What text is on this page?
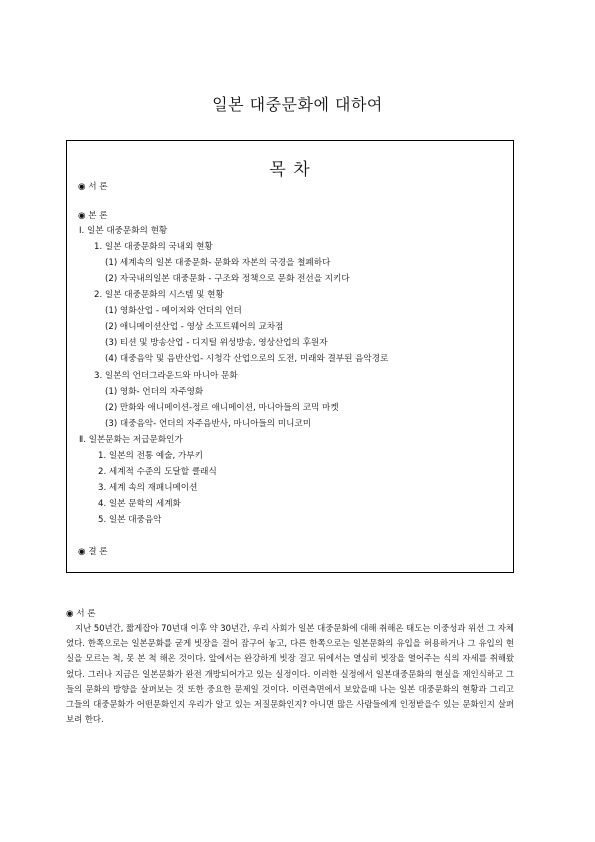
일본 대중문화에 대하여
목 차
◉ 서 론
◉ 본 론
Ⅰ. 일본 대중문화의 현황
1. 일본 대중문화의 국내외 현황
(1) 세계속의 일본 대중문화- 문화와 자본의 국경을 철폐하다
(2) 자국내의일본 대중문화 - 구조와 정책으로 문화 전선을 지키다
2. 일본 대중문화의 시스템 및 현황
(1) 영화산업 - 메이저와 언더의 언더
(2) 애니메이션산업 - 영상 소프트웨어의 교차점
(3) 티션 및 방송산업 - 디지털 위성방송, 영상산업의 후원자
(4) 대중음악 및 음반산업- 시청각 산업으로의 도전, 미래와 결부된 음악경로
3. 일본의 언더그라운드와 마니아 문화
(1) 영화- 언더의 자주영화
(2) 만화와 애니메이션-정르 애니메이션, 마니아들의 코믹 마켓
(3) 대중음악- 언더의 자주음반사, 마니아들의 미니코미
Ⅱ. 일본문화는 저급문화인가
1. 일본의 전통 예술, 가부키
2. 세계적 수준의 도달할 클래식
3. 세계 속의 재패니메이션
4. 일본 문학의 세계화
5. 일본 대중음악
◉ 결 론
◉ 서 론
지난 50년간, 짧게잡아 70년대 이후 약 30년간, 우리 사회가 일본 대중문화에 대해 취해온 태도는 이중성과 위선 그 자체였다. 한쪽으로는 일본문화를 굳게 빗장을 걸어 잠구어 놓고, 다른 한쪽으로는 일본문화의 유입을 허용하거나 그 유입의 현실을 모르는 척, 못 본 척 해온 것이다. 앞에서는 완강하게 빗장 걸고 뒤에서는 열심히 빗장을 열어주는 식의 자세를 취해왔었다. 그러나 지금은 일본문화가 완전 개방되어가고 있는 실정이다. 이러한 실정에서 일본대중문화의 현실을 재인식하고 그들의 문화의 방향을 살펴보는 것 또한 중요한 문제일 것이다. 이런측면에서 보았을때 나는 일본 대중문화의 현황과 그리고 그들의 대중문화가 어떤문화인지 우리가 알고 있는 저질문화인지? 아니면 많은 사람들에게 인정받을수 있는 문화인지 살펴보려 한다.
